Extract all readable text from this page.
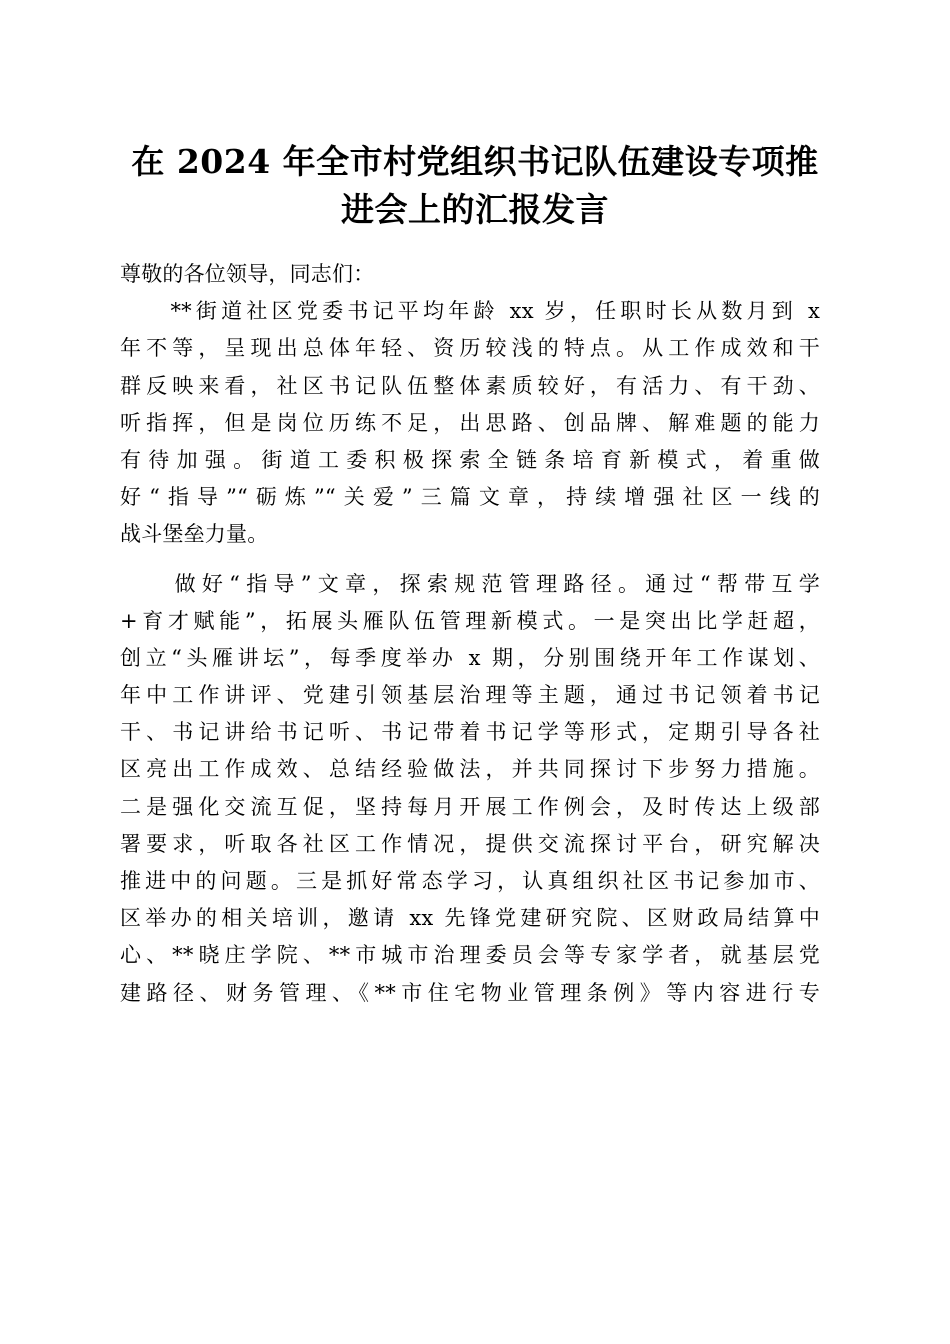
在 2024 年全市村党组织书记队伍建设专项推
进会上的汇报发言
尊敬的各位领导，同志们：
　　**街道社区党委书记平均年龄 xx 岁，任职时长从数月到 x
年不等，呈现出总体年轻、资历较浅的特点。从工作成效和干
群反映来看，社区书记队伍整体素质较好，有活力、有干劲、
听指挥，但是岗位历练不足，出思路、创品牌、解难题的能力
有待加强。街道工委积极探索全链条培育新模式，着重做
好“指导”“砺炼”“关爱”三篇文章，持续增强社区一线的
战斗堡垒力量。
　　做好“指导”文章，探索规范管理路径。通过“帮带互学
+育才赋能”，拓展头雁队伍管理新模式。一是突出比学赶超，
创立“头雁讲坛”，每季度举办 x 期，分别围绕开年工作谋划、
年中工作讲评、党建引领基层治理等主题，通过书记领着书记
干、书记讲给书记听、书记带着书记学等形式，定期引导各社
区亮出工作成效、总结经验做法，并共同探讨下步努力措施。
二是强化交流互促，坚持每月开展工作例会，及时传达上级部
署要求，听取各社区工作情况，提供交流探讨平台，研究解决
推进中的问题。三是抓好常态学习，认真组织社区书记参加市、
区举办的相关培训，邀请 xx 先锋党建研究院、区财政局结算中
心、**晓庄学院、**市城市治理委员会等专家学者，就基层党
建路径、财务管理、《**市住宅物业管理条例》等内容进行专
